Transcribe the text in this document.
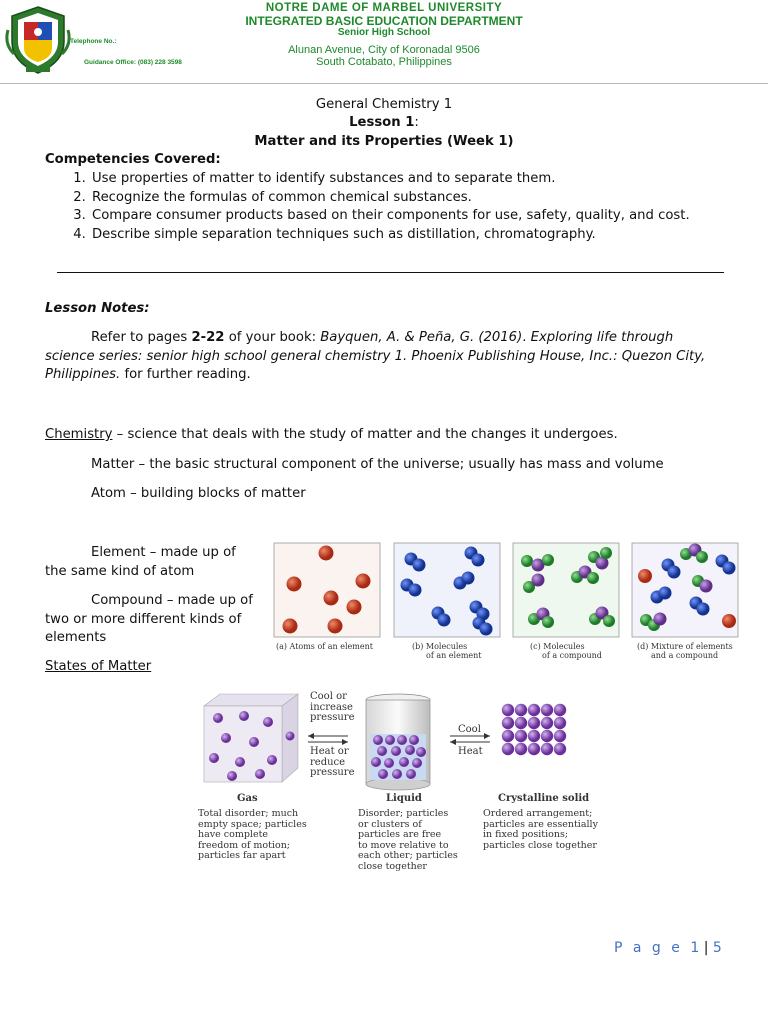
NOTRE DAME OF MARBEL UNIVERSITY
INTEGRATED BASIC EDUCATION DEPARTMENT
Senior High School
Alunan Avenue, City of Koronadal 9506
South Cotabato, Philippines
Telephone No.:
Guidance Office: (083) 228 3598
General Chemistry 1
Lesson 1:
Matter and its Properties (Week 1)
Competencies Covered:
1. Use properties of matter to identify substances and to separate them.
2. Recognize the formulas of common chemical substances.
3. Compare consumer products based on their components for use, safety, quality, and cost.
4. Describe simple separation techniques such as distillation, chromatography.
Lesson Notes:
Refer to pages 2-22 of your book: Bayquen, A. & Peña, G. (2016). Exploring life through science series: senior high school general chemistry 1. Phoenix Publishing House, Inc.: Quezon City, Philippines. for further reading.
Chemistry – science that deals with the study of matter and the changes it undergoes.
Matter – the basic structural component of the universe; usually has mass and volume
Atom – building blocks of matter
Element – made up of the same kind of atom
Compound – made up of two or more different kinds of elements
States of Matter
(a) Atoms of an element	(b) Molecules
of an element
(c) Molecules
of a compound
(d) Mixture of elements
and a compound
Cool or
increase
pressure
Heat or
reduce
pressure
Cool
Heat
Gas	Liquid	Crystalline solid
Total disorder; much
empty space; particles
have complete
freedom of motion;
particles far apart
Disorder; particles
or clusters of
particles are free
to move relative to
each other; particles
close together
Ordered arrangement;
particles are essentially
in fixed positions;
particles close together
P a g e 1 | 5
